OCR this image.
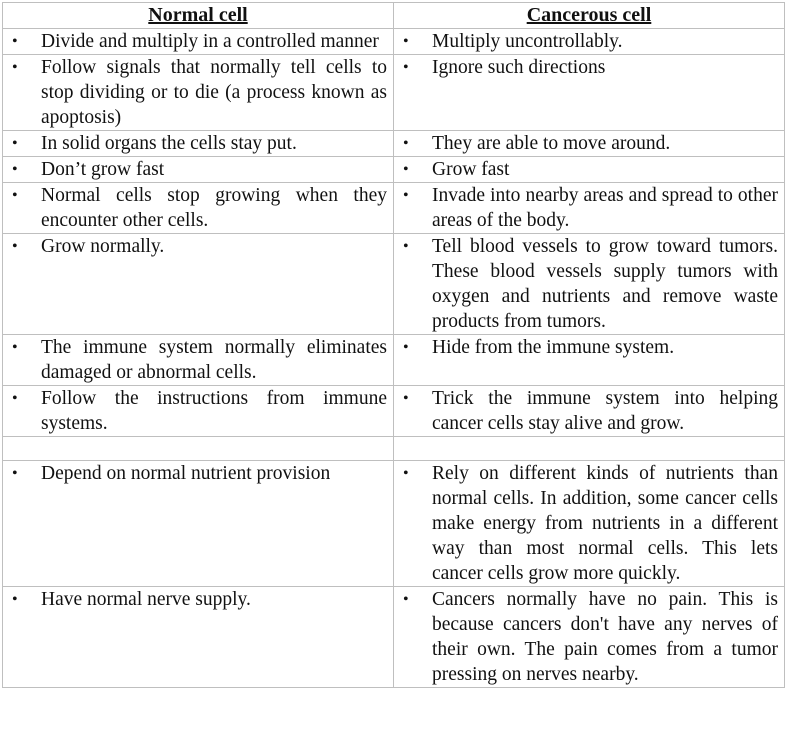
Normal cell	Cancerous cell

• Divide and multiply in a controlled manner	• Multiply uncontrollably.

• Follow signals that normally tell cells to stop dividing or to die (a process known as apoptosis)	• Ignore such directions

• In solid organs the cells stay put.	• They are able to move around.

• Don’t grow fast	• Grow fast

• Normal cells stop growing when they encounter other cells.	• Invade into nearby areas and spread to other areas of the body.

• Grow normally.	• Tell blood vessels to grow toward tumors. These blood vessels supply tumors with oxygen and nutrients and remove waste products from tumors.

• The immune system normally eliminates damaged or abnormal cells.	• Hide from the immune system.

• Follow the instructions from immune systems.	• Trick the immune system into helping cancer cells stay alive and grow.

• Depend on normal nutrient provision	• Rely on different kinds of nutrients than normal cells. In addition, some cancer cells make energy from nutrients in a different way than most normal cells. This lets cancer cells grow more quickly.

• Have normal nerve supply.	• Cancers normally have no pain. This is because cancers don't have any nerves of their own. The pain comes from a tumor pressing on nerves nearby.
